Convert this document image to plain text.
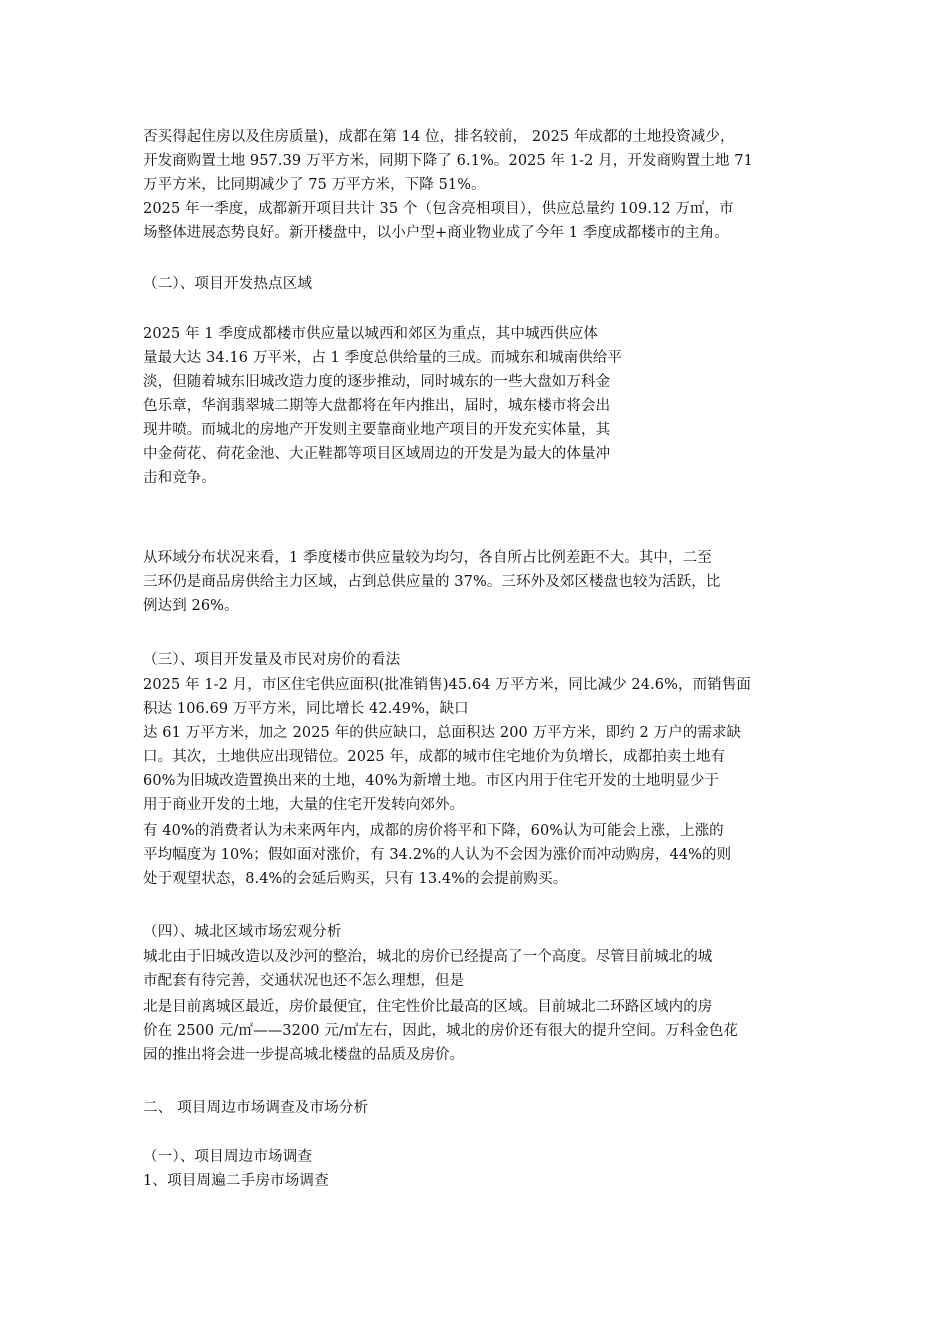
否买得起住房以及住房质量)，成都在第 14 位，排名较前， 2025 年成都的土地投资减少，
开发商购置土地 957.39 万平方米，同期下降了 6.1%。2025 年 1-2 月，开发商购置土地 71
万平方米，比同期减少了 75 万平方米，下降 51%。
2025 年一季度，成都新开项目共计 35 个（包含亮相项目），供应总量约 109.12 万㎡，市
场整体进展态势良好。新开楼盘中，以小户型+商业物业成了今年 1 季度成都楼市的主角。
（二）、项目开发热点区域
2025 年 1 季度成都楼市供应量以城西和郊区为重点，其中城西供应体
量最大达 34.16 万平米，占 1 季度总供给量的三成。而城东和城南供给平
淡，但随着城东旧城改造力度的逐步推动，同时城东的一些大盘如万科金
色乐章，华润翡翠城二期等大盘都将在年内推出，届时，城东楼市将会出
现井喷。而城北的房地产开发则主要靠商业地产项目的开发充实体量，其
中金荷花、荷花金池、大正鞋都等项目区域周边的开发是为最大的体量冲
击和竞争。
从环域分布状况来看，1 季度楼市供应量较为均匀，各自所占比例差距不大。其中，二至
三环仍是商品房供给主力区域，占到总供应量的 37%。三环外及郊区楼盘也较为活跃，比
例达到 26%。
（三）、项目开发量及市民对房价的看法
2025 年 1-2 月，市区住宅供应面积(批准销售)45.64 万平方米，同比减少 24.6%，而销售面
积达 106.69 万平方米，同比增长 42.49%，缺口
达 61 万平方米，加之 2025 年的供应缺口，总面积达 200 万平方米，即约 2 万户的需求缺
口。其次，土地供应出现错位。2025 年，成都的城市住宅地价为负增长，成都拍卖土地有
60%为旧城改造置换出来的土地，40%为新增土地。市区内用于住宅开发的土地明显少于
用于商业开发的土地，大量的住宅开发转向郊外。
有 40%的消费者认为未来两年内，成都的房价将平和下降，60%认为可能会上涨，上涨的
平均幅度为 10%；假如面对涨价，有 34.2%的人认为不会因为涨价而冲动购房，44%的则
处于观望状态，8.4%的会延后购买，只有 13.4%的会提前购买。
（四）、城北区域市场宏观分析
城北由于旧城改造以及沙河的整治，城北的房价已经提高了一个高度。尽管目前城北的城
市配套有待完善，交通状况也还不怎么理想，但是
北是目前离城区最近，房价最便宜，住宅性价比最高的区域。目前城北二环路区域内的房
价在 2500 元/㎡——3200 元/㎡左右，因此，城北的房价还有很大的提升空间。万科金色花
园的推出将会进一步提高城北楼盘的品质及房价。
二、 项目周边市场调查及市场分析
（一）、项目周边市场调查
1、项目周遍二手房市场调查
